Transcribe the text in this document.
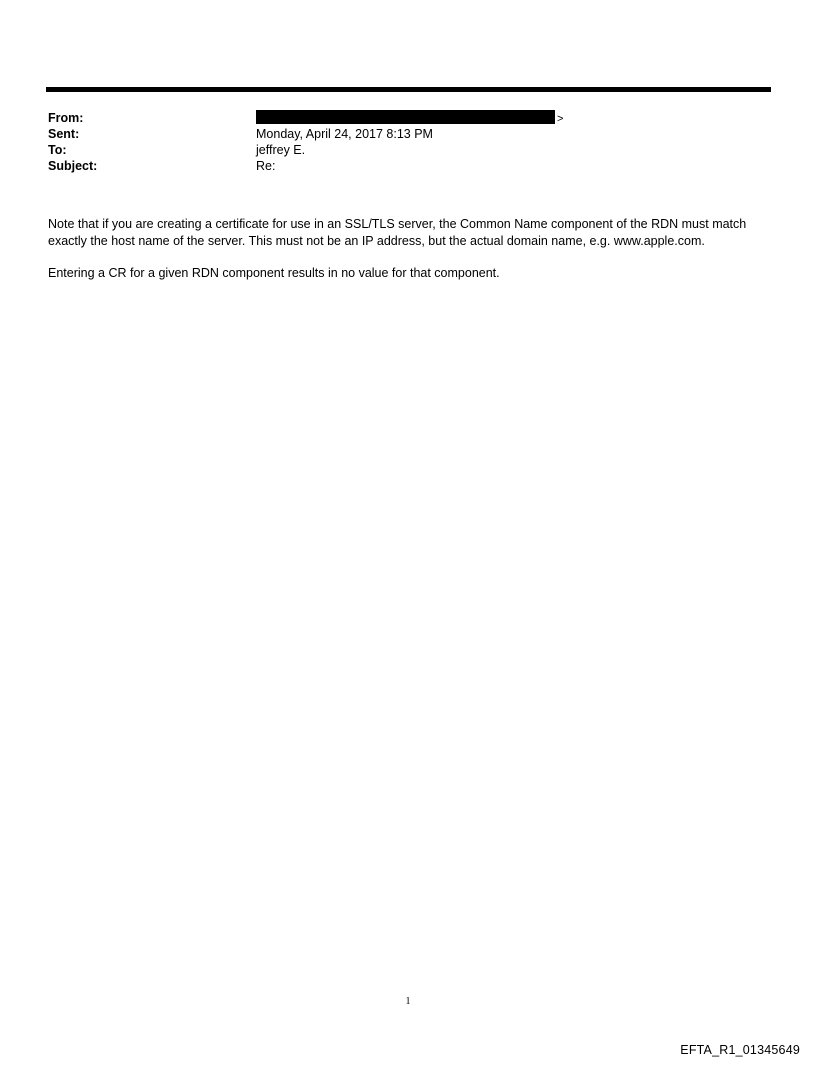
From:	>
Sent:	Monday, April 24, 2017 8:13 PM
To:	jeffrey E.
Subject:	Re:

Note that if you are creating a certificate for use in an SSL/TLS server, the Common Name component of the RDN must match exactly the host name of the server. This must not be an IP address, but the actual domain name, e.g. www.apple.com.

Entering a CR for a given RDN component results in no value for that component.

1
EFTA_R1_01345649
